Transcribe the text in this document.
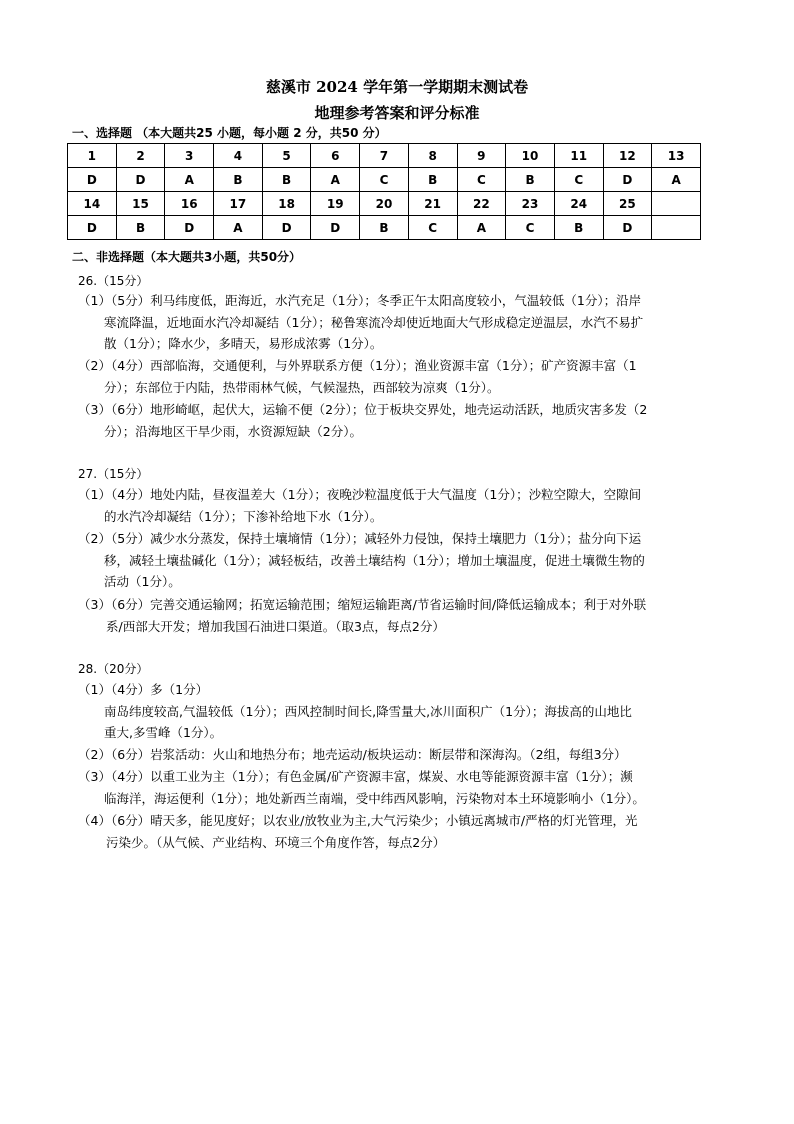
慈溪市 2024 学年第一学期期末测试卷
地理参考答案和评分标准
一、选择题 （本大题共25 小题，每小题 2 分，共50 分）
1	2	3	4	5	6	7	8	9	10	11	12	13
D	D	A	B	B	A	C	B	C	B	C	D	A
14	15	16	17	18	19	20	21	22	23	24	25	
D	B	D	A	D	D	B	C	A	C	B	D	
二、非选择题（本大题共3小题，共50分）
26.（15分）
（1）（5分）利马纬度低，距海近，水汽充足（1分）；冬季正午太阳高度较小，气温较低（1分）；沿岸
寒流降温，近地面水汽冷却凝结（1分）；秘鲁寒流冷却使近地面大气形成稳定逆温层，水汽不易扩
散（1分）；降水少，多晴天，易形成浓雾（1分）。
（2）（4分）西部临海，交通便利，与外界联系方便（1分）；渔业资源丰富（1分）；矿产资源丰富（1
分）；东部位于内陆，热带雨林气候，气候湿热，西部较为凉爽（1分）。
（3）（6分）地形崎岖，起伏大，运输不便（2分）；位于板块交界处，地壳运动活跃，地质灾害多发（2
分）；沿海地区干旱少雨，水资源短缺（2分）。
27.（15分）
（1）（4分）地处内陆，昼夜温差大（1分）；夜晚沙粒温度低于大气温度（1分）；沙粒空隙大，空隙间
的水汽冷却凝结（1分）；下渗补给地下水（1分）。
（2）（5分）减少水分蒸发，保持土壤墒情（1分）；减轻外力侵蚀，保持土壤肥力（1分）；盐分向下运
移，减轻土壤盐碱化（1分）；减轻板结，改善土壤结构（1分）；增加土壤温度，促进土壤微生物的
活动（1分）。
（3）（6分）完善交通运输网；拓宽运输范围；缩短运输距离/节省运输时间/降低运输成本；利于对外联
系/西部大开发；增加我国石油进口渠道。（取3点，每点2分）
28.（20分）
（1）（4分）多（1分）
南岛纬度较高,气温较低（1分）；西风控制时间长,降雪量大,冰川面积广（1分）；海拔高的山地比
重大,多雪峰（1分）。
（2）（6分）岩浆活动：火山和地热分布；地壳运动/板块运动：断层带和深海沟。（2组，每组3分）
（3）（4分）以重工业为主（1分）；有色金属/矿产资源丰富，煤炭、水电等能源资源丰富（1分）；濒
临海洋，海运便利（1分）；地处新西兰南端，受中纬西风影响，污染物对本土环境影响小（1分）。
（4）（6分）晴天多，能见度好；以农业/放牧业为主,大气污染少；小镇远离城市/严格的灯光管理，光
污染少。（从气候、产业结构、环境三个角度作答，每点2分）
